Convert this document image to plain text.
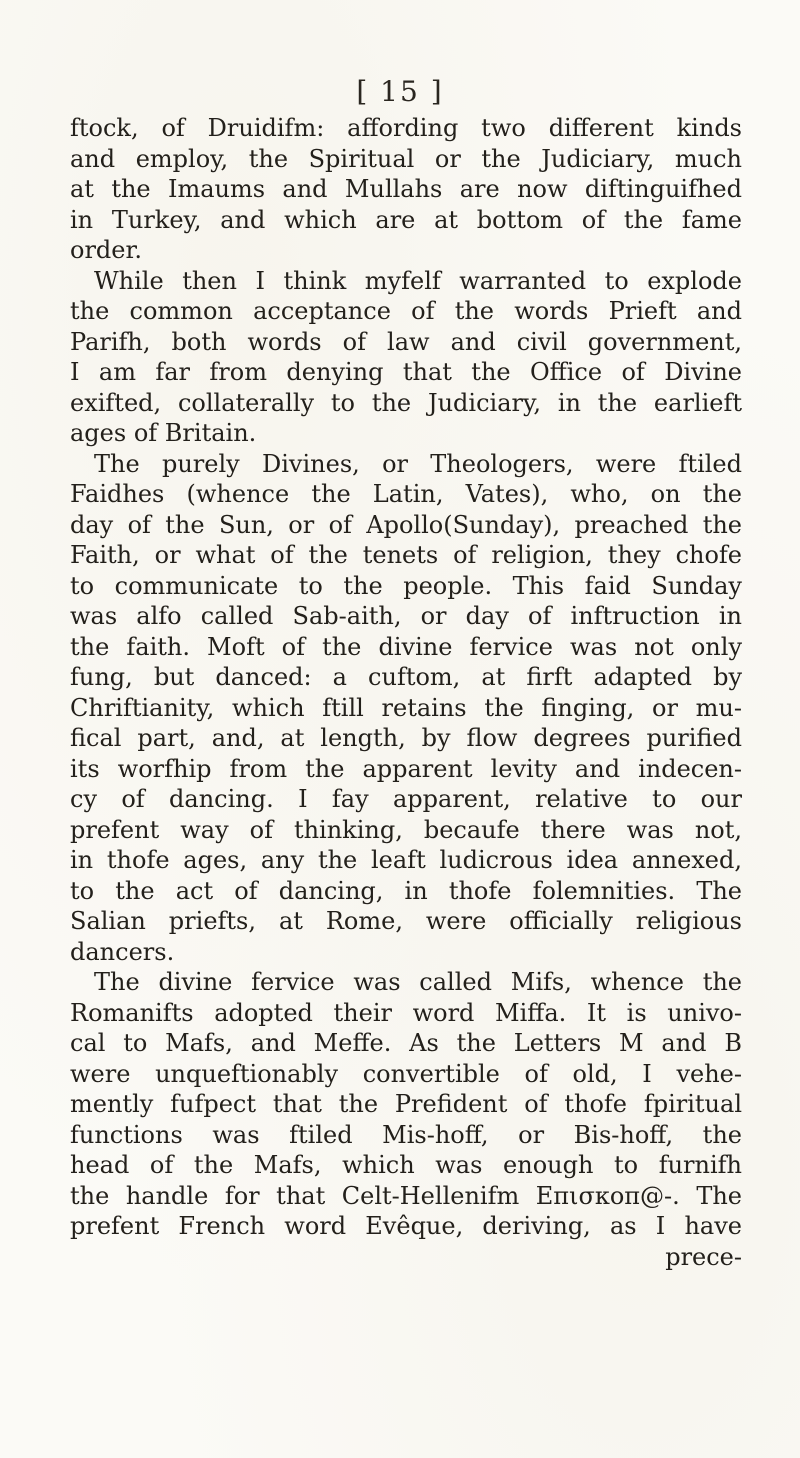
[ 15 ]
ftock, of Druidifm: affording two different kinds
and employ, the Spiritual or the Judiciary, much
at the Imaums and Mullahs are now diftinguifhed
in Turkey, and which are at bottom of the fame
order.
While then I think myfelf warranted to explode
the common acceptance of the words Prieft and
Parifh, both words of law and civil government,
I am far from denying that the Office of Divine
exifted, collaterally to the Judiciary, in the earlieft
ages of Britain.
The purely Divines, or Theologers, were ftiled
Faidhes (whence the Latin, Vates), who, on the
day of the Sun, or of Apollo(Sunday), preached the
Faith, or what of the tenets of religion, they chofe
to communicate to the people. This faid Sunday
was alfo called Sab-aith, or day of inftruction in
the faith. Moft of the divine fervice was not only
fung, but danced: a cuftom, at firft adapted by
Chriftianity, which ftill retains the finging, or mu-
fical part, and, at length, by flow degrees purified
its worfhip from the apparent levity and indecen-
cy of dancing. I fay apparent, relative to our
prefent way of thinking, becaufe there was not,
in thofe ages, any the leaft ludicrous idea annexed,
to the act of dancing, in thofe folemnities. The
Salian priefts, at Rome, were officially religious
dancers.
The divine fervice was called Mifs, whence the
Romanifts adopted their word Miffa. It is univo-
cal to Mafs, and Meffe. As the Letters M and B
were unqueftionably convertible of old, I vehe-
mently fufpect that the Prefident of thofe fpiritual
functions was ftiled Mis-hoff, or Bis-hoff, the
head of the Mafs, which was enough to furnifh
the handle for that Celt-Hellenifm Επισκοπ@-. The
prefent French word Evêque, deriving, as I have
prece-
